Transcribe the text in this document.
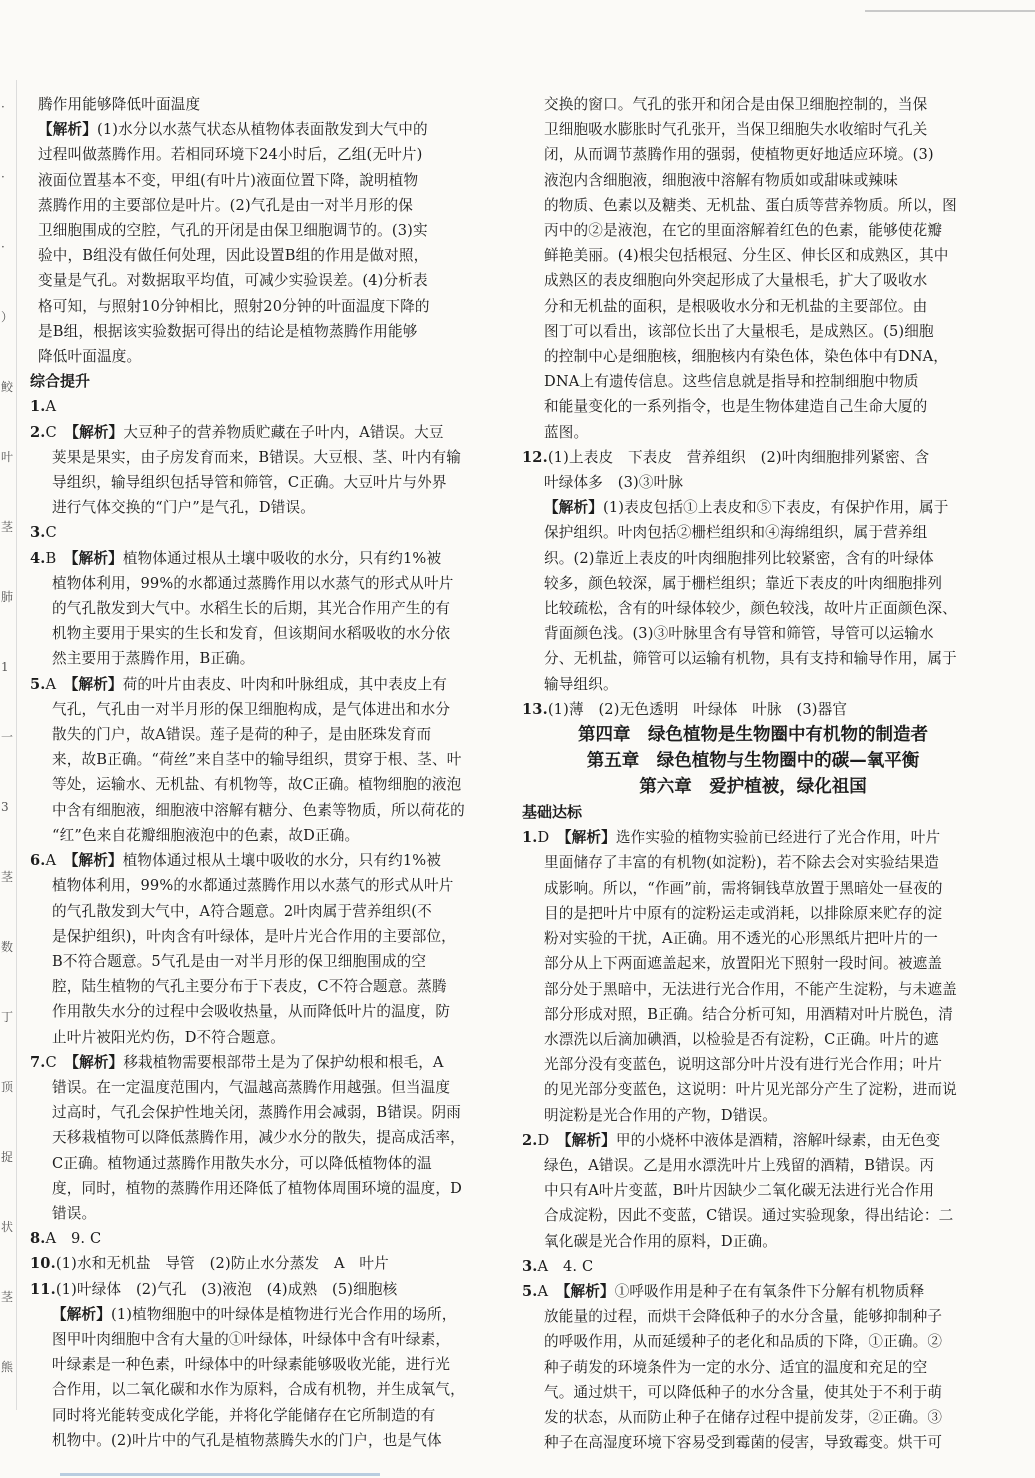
·
·
·
）
鲛
叶
茎
肺
1
一
3
茎
数
丁
顶
捉
状
茎
熊
腾作用能够降低叶面温度
【解析】(1)水分以水蒸气状态从植物体表面散发到大气中的
过程叫做蒸腾作用。若相同环境下24小时后，乙组(无叶片)
液面位置基本不变，甲组(有叶片)液面位置下降，說明植物
蒸腾作用的主要部位是叶片。(2)气孔是由一对半月形的保
卫细胞围成的空腔，气孔的开闭是由保卫细胞调节的。(3)实
验中，B组没有做任何处理，因此设置B组的作用是做对照，
变量是气孔。对数据取平均值，可减少实验误差。(4)分析表
格可知，与照射10分钟相比，照射20分钟的叶面温度下降的
是B组，根据该实验数据可得出的结论是植物蒸腾作用能够
降低叶面温度。
综合提升
1.A
2.C　 【解析】大豆种子的营养物质贮藏在子叶内，A错误。大豆
荚果是果实，由子房发育而来，B错误。大豆根、茎、叶内有输
导组织，输导组织包括导管和筛管，C正确。大豆叶片与外界
进行气体交换的“门户”是气孔，D错误。
3.C
4.B　 【解析】植物体通过根从土壤中吸收的水分，只有约1%被
植物体利用，99%的水都通过蒸腾作用以水蒸气的形式从叶片
的气孔散发到大气中。水稻生长的后期，其光合作用产生的有
机物主要用于果实的生长和发育，但该期间水稻吸收的水分依
然主要用于蒸腾作用，B正确。
5.A　 【解析】荷的叶片由表皮、叶肉和叶脉组成，其中表皮上有
气孔，气孔由一对半月形的保卫细胞构成，是气体进出和水分
散失的门户，故A错误。莲子是荷的种子，是由胚珠发育而
来，故B正确。“荷丝”来自茎中的输导组织，贯穿于根、茎、叶
等处，运输水、无机盐、有机物等，故C正确。植物细胞的液泡
中含有细胞液，细胞液中溶解有糖分、色素等物质，所以荷花的
“红”色来自花瓣细胞液泡中的色素，故D正确。
6.A　 【解析】植物体通过根从土壤中吸收的水分，只有约1%被
植物体利用，99%的水都通过蒸腾作用以水蒸气的形式从叶片
的气孔散发到大气中，A符合题意。2叶肉属于营养组织(不
是保护组织)，叶肉含有叶绿体，是叶片光合作用的主要部位，
B不符合题意。5气孔是由一对半月形的保卫细胞围成的空
腔，陆生植物的气孔主要分布于下表皮，C不符合题意。蒸腾
作用散失水分的过程中会吸收热量，从而降低叶片的温度，防
止叶片被阳光灼伤，D不符合题意。
7.C　 【解析】移栽植物需要根部带土是为了保护幼根和根毛，A
错误。在一定温度范围内，气温越高蒸腾作用越强。但当温度
过高时，气孔会保护性地关闭，蒸腾作用会减弱，B错误。阴雨
天移栽植物可以降低蒸腾作用，减少水分的散失，提高成活率，
C正确。植物通过蒸腾作用散失水分，可以降低植物体的温
度，同时，植物的蒸腾作用还降低了植物体周围环境的温度，D
错误。
8.A　9. C
10.(1)水和无机盐　导管　(2)防止水分蒸发　A　叶片
11.(1)叶绿体　(2)气孔　(3)液泡　(4)成熟　(5)细胞核
【解析】(1)植物细胞中的叶绿体是植物进行光合作用的场所，
图甲叶肉细胞中含有大量的①叶绿体，叶绿体中含有叶绿素，
叶绿素是一种色素，叶绿体中的叶绿素能够吸收光能，进行光
合作用，以二氧化碳和水作为原料，合成有机物，并生成氧气，
同时将光能转变成化学能，并将化学能储存在它所制造的有
机物中。(2)叶片中的气孔是植物蒸腾失水的门户，也是气体
交换的窗口。气孔的张开和闭合是由保卫细胞控制的，当保
卫细胞吸水膨胀时气孔张开，当保卫细胞失水收缩时气孔关
闭，从而调节蒸腾作用的强弱，使植物更好地适应环境。(3)
液泡内含细胞液，细胞液中溶解有物质如或甜味或辣味
的物质、色素以及糖类、无机盐、蛋白质等营养物质。所以，图
丙中的②是液泡，在它的里面溶解着红色的色素，能够使花瓣
鲜艳美丽。(4)根尖包括根冠、分生区、伸长区和成熟区，其中
成熟区的表皮细胞向外突起形成了大量根毛，扩大了吸收水
分和无机盐的面积，是根吸收水分和无机盐的主要部位。由
图丁可以看出，该部位长出了大量根毛，是成熟区。(5)细胞
的控制中心是细胞核，细胞核内有染色体，染色体中有DNA，
DNA上有遗传信息。这些信息就是指导和控制细胞中物质
和能量变化的一系列指令，也是生物体建造自己生命大厦的
蓝图。
12.(1)上表皮　下表皮　营养组织　(2)叶肉细胞排列紧密、含
叶绿体多　(3)③叶脉
【解析】(1)表皮包括①上表皮和⑤下表皮，有保护作用，属于
保护组织。叶肉包括②栅栏组织和④海绵组织，属于营养组
织。(2)靠近上表皮的叶肉细胞排列比较紧密，含有的叶绿体
较多，颜色较深，属于栅栏组织；靠近下表皮的叶肉细胞排列
比较疏松，含有的叶绿体较少，颜色较浅，故叶片正面颜色深、
背面颜色浅。(3)③叶脉里含有导管和筛管，导管可以运输水
分、无机盐，筛管可以运输有机物，具有支持和输导作用，属于
输导组织。
13.(1)薄　(2)无色透明　叶绿体　叶脉　(3)器官
第四章　绿色植物是生物圈中有机物的制造者
第五章　绿色植物与生物圈中的碳—氧平衡
第六章　爱护植被，绿化祖国
基础达标
1.D　 【解析】选作实验的植物实验前已经进行了光合作用，叶片
里面储存了丰富的有机物(如淀粉)，若不除去会对实验结果造
成影响。所以，“作画”前，需将铜钱草放置于黑暗处一昼夜的
目的是把叶片中原有的淀粉运走或消耗，以排除原来贮存的淀
粉对实验的干扰，A正确。用不透光的心形黑纸片把叶片的一
部分从上下两面遮盖起来，放置阳光下照射一段时间。被遮盖
部分处于黑暗中，无法进行光合作用，不能产生淀粉，与未遮盖
部分形成对照，B正确。结合分析可知，用酒精对叶片脱色，清
水漂洗以后滴加碘酒，以检验是否有淀粉，C正确。叶片的遮
光部分没有变蓝色，说明这部分叶片没有进行光合作用；叶片
的见光部分变蓝色，这说明：叶片见光部分产生了淀粉，进而说
明淀粉是光合作用的产物，D错误。
2.D　 【解析】甲的小烧杯中液体是酒精，溶解叶绿素，由无色变
绿色，A错误。乙是用水漂洗叶片上残留的酒精，B错误。丙
中只有A叶片变蓝，B叶片因缺少二氧化碳无法进行光合作用
合成淀粉，因此不变蓝，C错误。通过实验现象，得出结论：二
氧化碳是光合作用的原料，D正确。
3.A　4. C
5.A　 【解析】①呼吸作用是种子在有氧条件下分解有机物质释
放能量的过程，而烘干会降低种子的水分含量，能够抑制种子
的呼吸作用，从而延缓种子的老化和品质的下降，①正确。②
种子萌发的环境条件为一定的水分、适宜的温度和充足的空
气。通过烘干，可以降低种子的水分含量，使其处于不利于萌
发的状态，从而防止种子在储存过程中提前发芽，②正确。③
种子在高湿度环境下容易受到霉菌的侵害，导致霉变。烘干可
